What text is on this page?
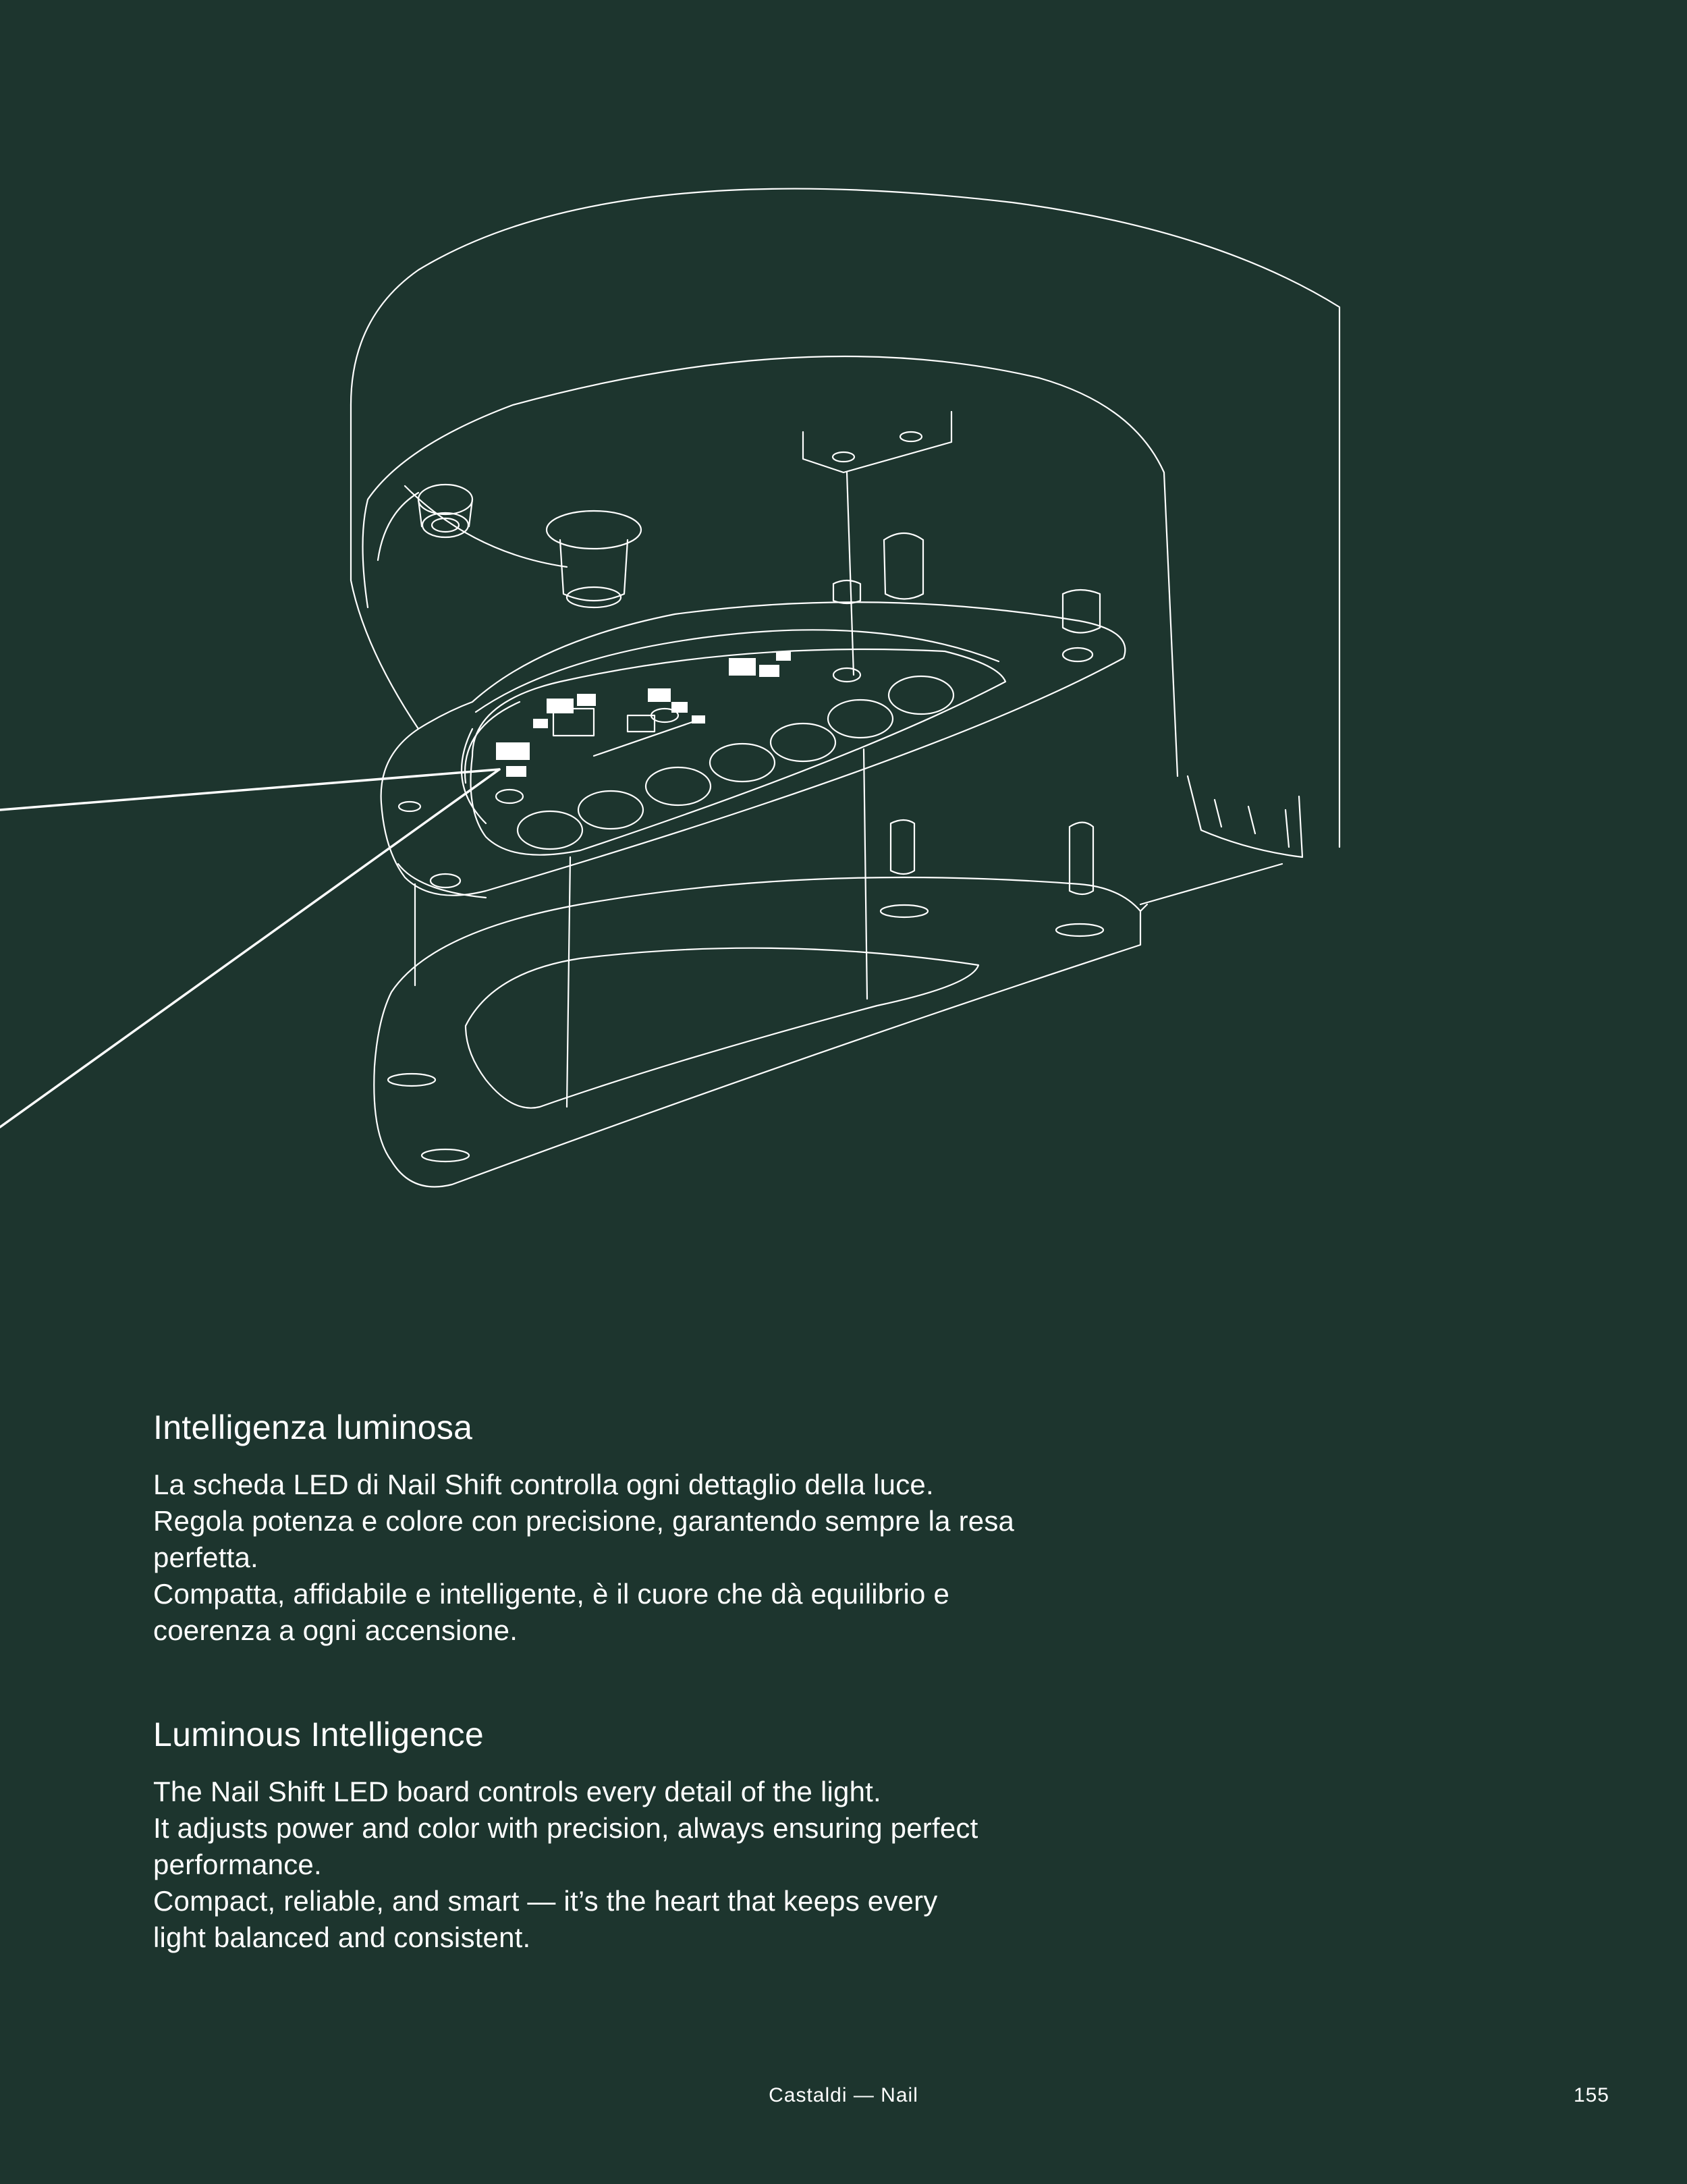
Intelligenza luminosa

La scheda LED di Nail Shift controlla ogni dettaglio della luce.
Regola potenza e colore con precisione, garantendo sempre la resa
perfetta.
Compatta, affidabile e intelligente, è il cuore che dà equilibrio e
coerenza a ogni accensione.

Luminous Intelligence

The Nail Shift LED board controls every detail of the light.
It adjusts power and color with precision, always ensuring perfect
performance.
Compact, reliable, and smart — it’s the heart that keeps every
light balanced and consistent.

Castaldi — Nail	155
